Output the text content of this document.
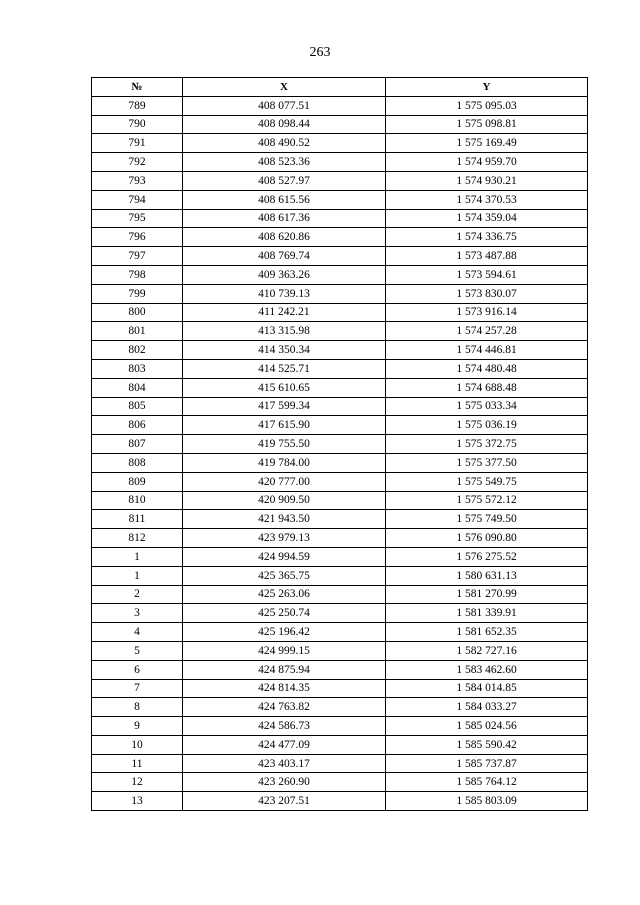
263
№	X	Y
789	408 077.51	1 575 095.03
790	408 098.44	1 575 098.81
791	408 490.52	1 575 169.49
792	408 523.36	1 574 959.70
793	408 527.97	1 574 930.21
794	408 615.56	1 574 370.53
795	408 617.36	1 574 359.04
796	408 620.86	1 574 336.75
797	408 769.74	1 573 487.88
798	409 363.26	1 573 594.61
799	410 739.13	1 573 830.07
800	411 242.21	1 573 916.14
801	413 315.98	1 574 257.28
802	414 350.34	1 574 446.81
803	414 525.71	1 574 480.48
804	415 610.65	1 574 688.48
805	417 599.34	1 575 033.34
806	417 615.90	1 575 036.19
807	419 755.50	1 575 372.75
808	419 784.00	1 575 377.50
809	420 777.00	1 575 549.75
810	420 909.50	1 575 572.12
811	421 943.50	1 575 749.50
812	423 979.13	1 576 090.80
1	424 994.59	1 576 275.52
1	425 365.75	1 580 631.13
2	425 263.06	1 581 270.99
3	425 250.74	1 581 339.91
4	425 196.42	1 581 652.35
5	424 999.15	1 582 727.16
6	424 875.94	1 583 462.60
7	424 814.35	1 584 014.85
8	424 763.82	1 584 033.27
9	424 586.73	1 585 024.56
10	424 477.09	1 585 590.42
11	423 403.17	1 585 737.87
12	423 260.90	1 585 764.12
13	423 207.51	1 585 803.09
